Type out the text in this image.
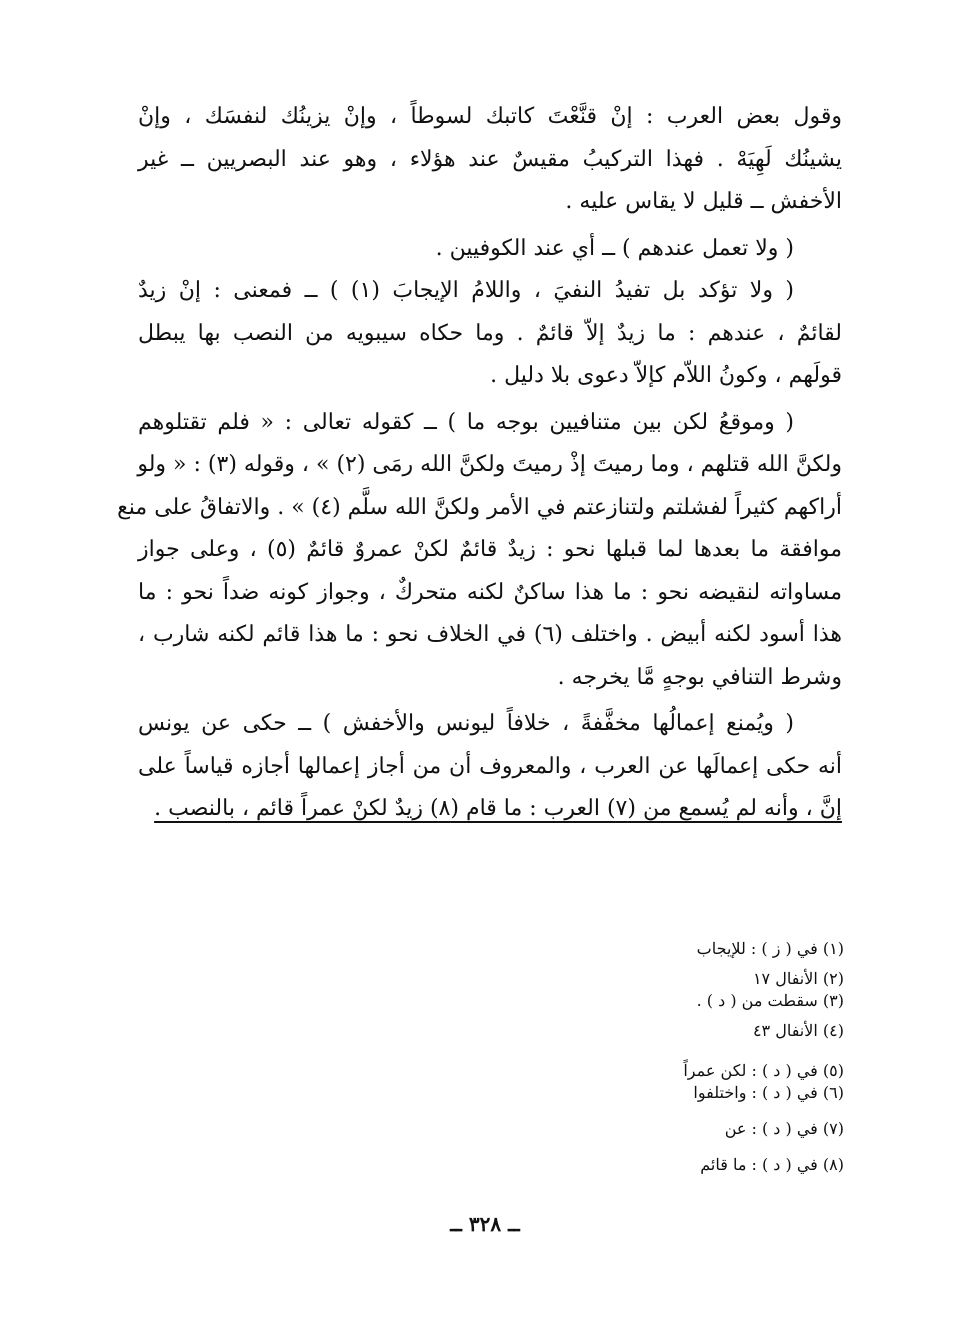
وقول بعض العرب : إنْ قنَّعْتَ كاتبك لسوطاً ، وإنْ يزينُك لنفسَك ، وإنْ
يشينُك لَهِيَهْ . فهذا التركيبُ مقيسٌ عند هؤلاء ، وهو عند البصريين ــ غير
الأخفش ــ قليل لا يقاس عليه .

( ولا تعمل عندهم ) ــ أي عند الكوفيين .

( ولا تؤكد بل تفيدُ النفيَ ، واللامُ الإيجابَ (١) ) ــ فمعنى : إنْ زيدٌ
لقائمٌ ، عندهم : ما زيدٌ إلاّ قائمٌ . وما حكاه سيبويه من النصب بها يبطل
قولَهم ، وكونُ اللاّم كإلاّ دعوى بلا دليل .

( وموقعُ لكن بين متنافيين بوجه ما ) ــ كقوله تعالى : « فلم تقتلوهم
ولكنَّ الله قتلهم ، وما رميتَ إذْ رميتَ ولكنَّ الله رمَى (٢) » ، وقوله (٣) : « ولو
أراكهم كثيراً لفشلتم ولتنازعتم في الأمر ولكنَّ الله سلَّم (٤) » . والاتفاقُ على منع
موافقة ما بعدها لما قبلها نحو : زيدٌ قائمٌ لكنْ عمروٌ قائمٌ (٥) ، وعلى جواز
مساواته لنقيضه نحو : ما هذا ساكنٌ لكنه متحركٌ ، وجواز كونه ضداً نحو : ما
هذا أسود لكنه أبيض . واختلف (٦) في الخلاف نحو : ما هذا قائم لكنه شارب ،
وشرط التنافي بوجهٍ مَّا يخرجه .

( ويُمنع إعمالُها مخفَّفةً ، خلافاً ليونس والأخفش ) ــ حكى عن يونس
أنه حكى إعمالَها عن العرب ، والمعروف أن من أجاز إعمالها أجازه قياساً على
إنَّ ، وأنه لم يُسمع من (٧) العرب : ما قام (٨) زيدٌ لكنْ عمراً قائم ، بالنصب .

(١) في ( ز ) : للإيجاب
(٢) الأنفال ١٧
(٣) سقطت من ( د ) .
(٤) الأنفال ٤٣
(٥) في ( د ) : لكن عمراً
(٦) في ( د ) : واختلفوا
(٧) في ( د ) : عن
(٨) في ( د ) : ما قائم
ــ ٣٢٨ ــ
